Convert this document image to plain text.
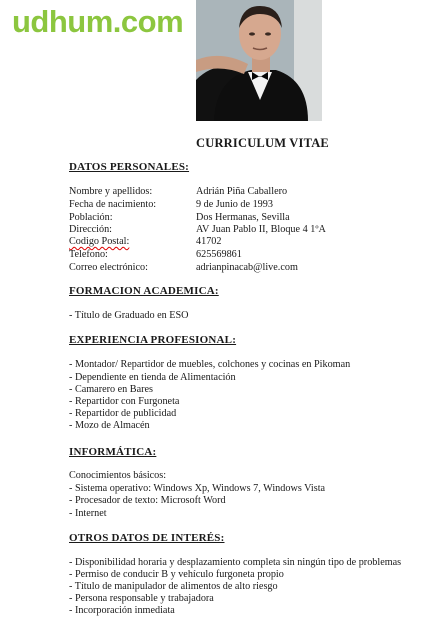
udhum.com
CURRICULUM VITAE
DATOS PERSONALES:
Nombre y apellidos:	Adrián Piña Caballero
Fecha de nacimiento:	9 de Junio de 1993
Población:	Dos Hermanas, Sevilla
Dirección:	AV Juan Pablo II, Bloque 4 1ºA
Codigo Postal:	41702
Telefono:	625569861
Correo electrónico:	adrianpinacab@live.com
FORMACION ACADEMICA:
- Título de Graduado en ESO
EXPERIENCIA PROFESIONAL:
- Montador/ Repartidor de muebles, colchones y cocinas en Pikoman
- Dependiente en tienda de Alimentación
- Camarero en Bares
- Repartidor con Furgoneta
- Repartidor de publicidad
- Mozo de Almacén
INFORMÁTICA:
Conocimientos básicos:
- Sistema operativo: Windows Xp, Windows 7, Windows Vista
- Procesador de texto: Microsoft Word
- Internet
OTROS DATOS DE INTERÉS:
- Disponibilidad horaria y desplazamiento completa sin ningún tipo de problemas
- Permiso de conducir B y vehículo furgoneta propio
- Título de manipulador de alimentos de alto riesgo
- Persona responsable y trabajadora
- Incorporación inmediata
